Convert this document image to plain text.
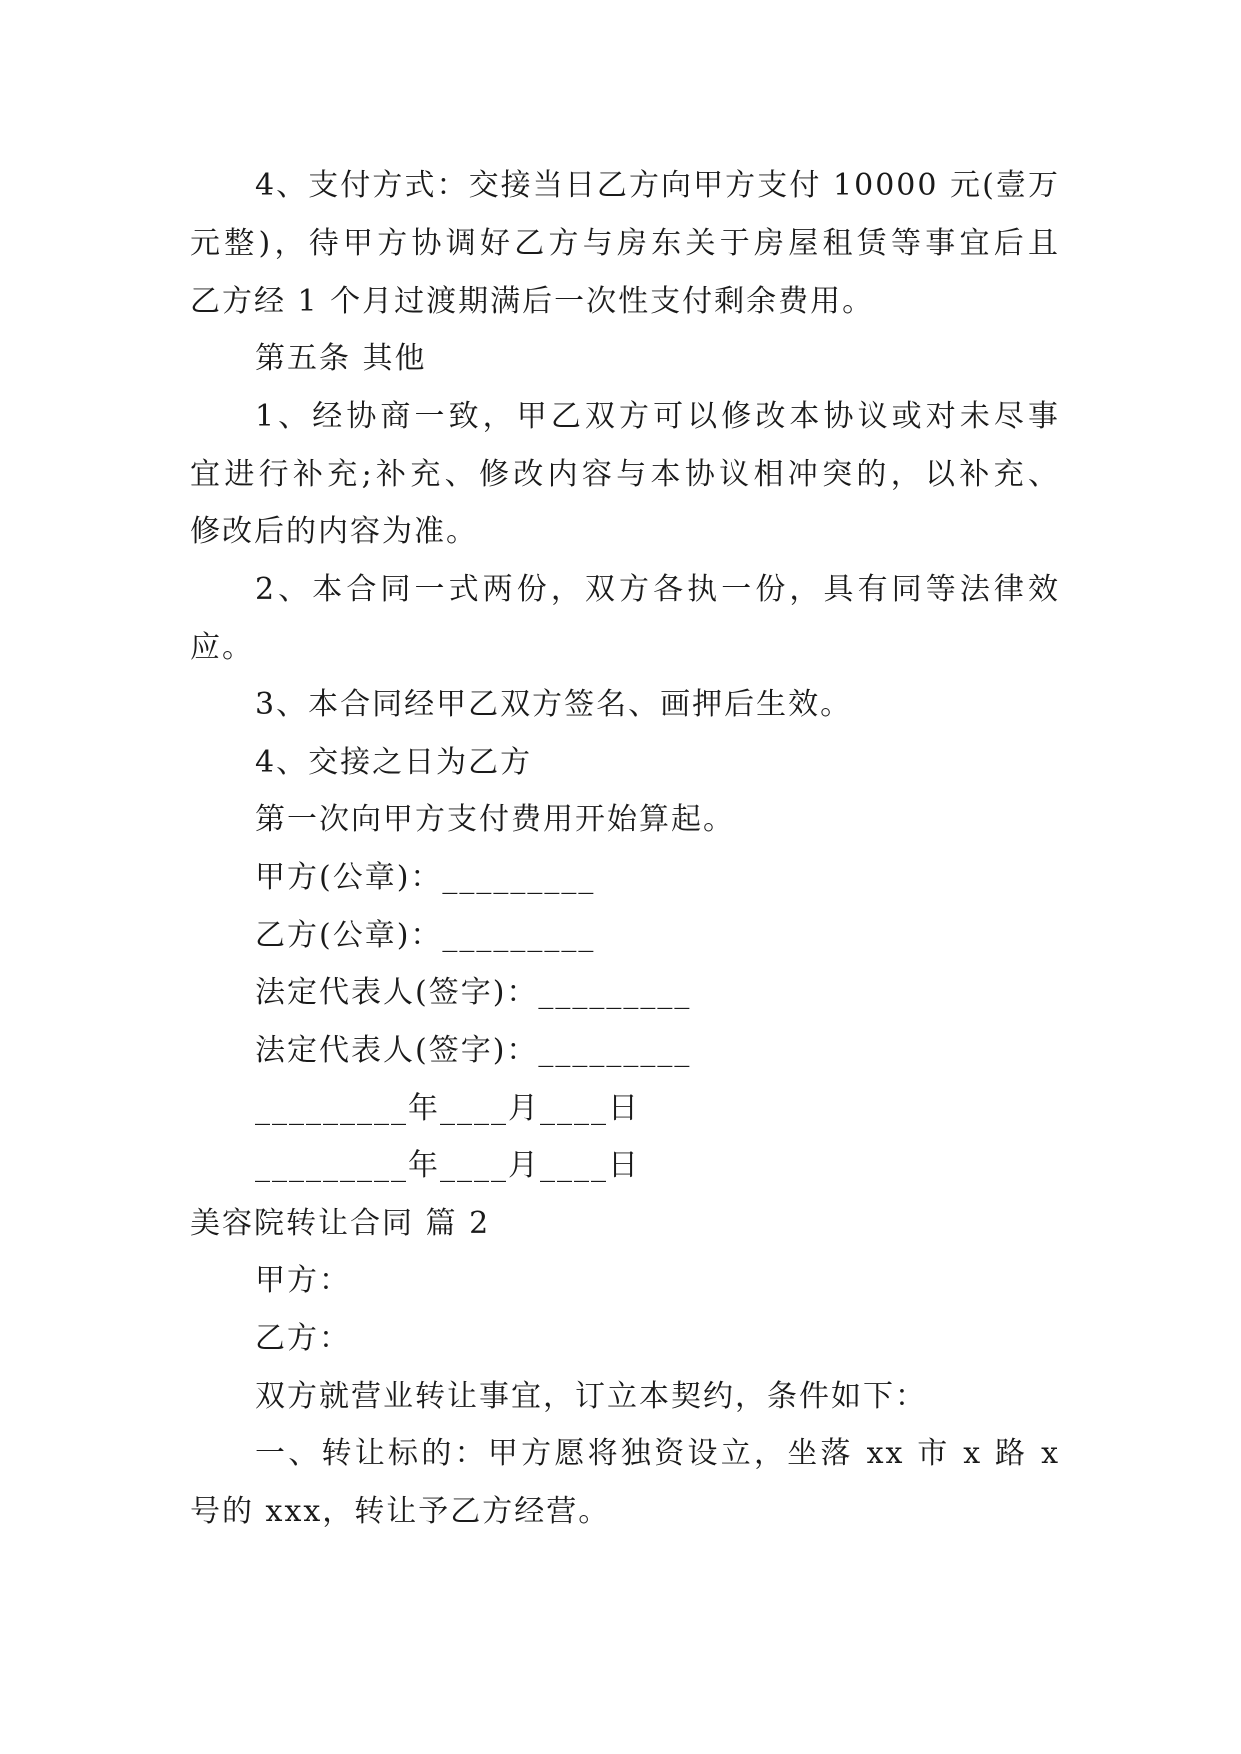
4、支付方式：交接当日乙方向甲方支付 10000 元(壹万
元整)，待甲方协调好乙方与房东关于房屋租赁等事宜后且
乙方经 1 个月过渡期满后一次性支付剩余费用。
第五条 其他
1、经协商一致，甲乙双方可以修改本协议或对未尽事
宜进行补充;补充、修改内容与本协议相冲突的，以补充、
修改后的内容为准。
2、本合同一式两份，双方各执一份，具有同等法律效
应。
3、本合同经甲乙双方签名、画押后生效。
4、交接之日为乙方
第一次向甲方支付费用开始算起。
甲方(公章)：_________
乙方(公章)：_________
法定代表人(签字)：_________
法定代表人(签字)：_________
_________年____月____日
_________年____月____日
美容院转让合同 篇 2
甲方：
乙方：
双方就营业转让事宜，订立本契约，条件如下：
一、转让标的：甲方愿将独资设立，坐落 xx 市 x 路 x
号的 xxx，转让予乙方经营。
